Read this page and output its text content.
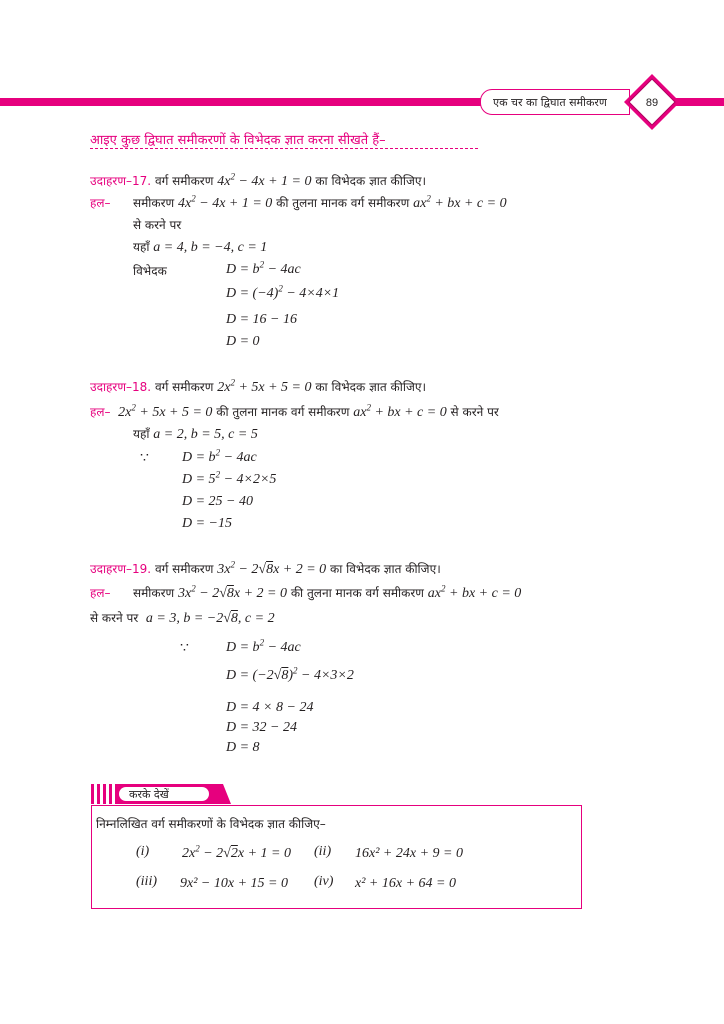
एक चर का द्विघात समीकरण	89
आइए कुछ द्विघात समीकरणों के विभेदक ज्ञात करना सीखते हैं–
उदाहरण–17. वर्ग समीकरण $4x^2 - 4x + 1 = 0$ का विभेदक ज्ञात कीजिए।
हल– समीकरण $4x^2 - 4x + 1 = 0$ की तुलना मानक वर्ग समीकरण $ax^2$ + bx + c = 0
से करने पर
यहाँ a = 4, b = −4, c = 1
विभेदक	$D = b^2 - 4ac$
$D = (-4)^2 - 4\times 4\times 1$
D = 16 − 16
D = 0
उदाहरण–18. वर्ग समीकरण $2x^2 + 5x + 5 = 0$ का विभेदक ज्ञात कीजिए।
हल– $2x^2 + 5x + 5 = 0$ की तुलना मानक वर्ग समीकरण $ax^2$ + bx + c = 0 से करने पर
यहाँ a = 2, b = 5, c = 5
∵ $D = b^2 - 4ac$
$D = 5^2 - 4\times 2\times 5$
D = 25 − 40
D = −15
उदाहरण–19. वर्ग समीकरण $3x^2 - 2√8x + 2 = 0$ का विभेदक ज्ञात कीजिए।
हल– समीकरण $3x^2 - 2√8x + 2 = 0$ की तुलना मानक वर्ग समीकरण $ax^2$ + bx + c = 0
से करने पर a = 3, b = −2√8, c = 2
∵	$D = b^2 - 4ac$
$D = (-2√8)^2 - 4\times 3\times 2$
D = 4 × 8 − 24
D = 32 − 24
D = 8
करके देखें
निम्नलिखित वर्ग समीकरणों के विभेदक ज्ञात कीजिए–
(i) $2x^2 - 2√2x + 1 = 0$ (ii) 16x² + 24x + 9 = 0
(iii) 9x² − 10x + 15 = 0 (iv) x² + 16x + 64 = 0
